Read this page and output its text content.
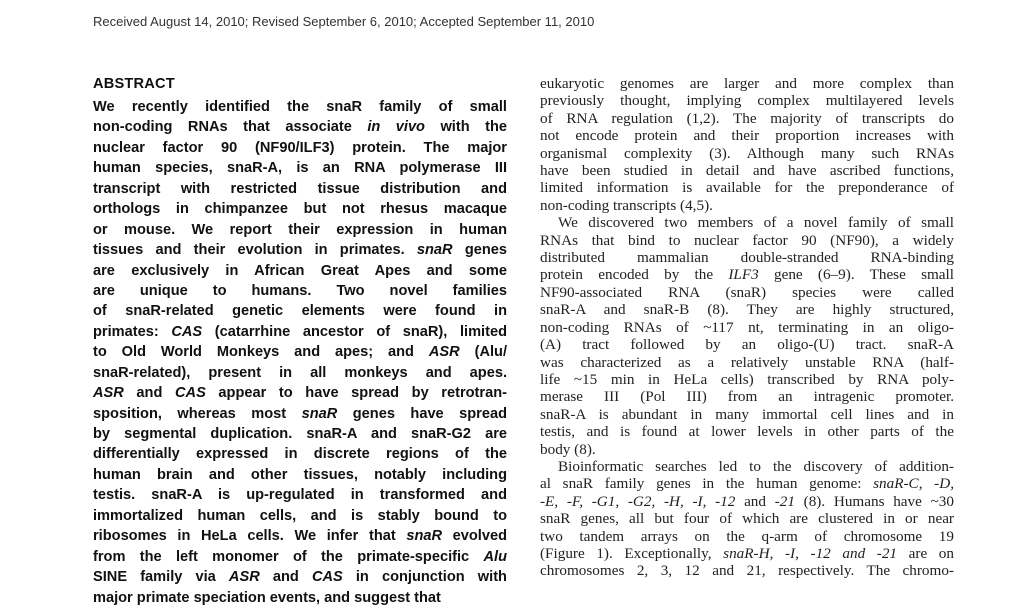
Received August 14, 2010; Revised September 6, 2010; Accepted September 11, 2010
ABSTRACT
We recently identified the snaR family of small
non-coding RNAs that associate in vivo with the
nuclear factor 90 (NF90/ILF3) protein. The major
human species, snaR-A, is an RNA polymerase III
transcript with restricted tissue distribution and
orthologs in chimpanzee but not rhesus macaque
or mouse. We report their expression in human
tissues and their evolution in primates. snaR genes
are exclusively in African Great Apes and some
are unique to humans. Two novel families
of snaR-related genetic elements were found in
primates: CAS (catarrhine ancestor of snaR), limited
to Old World Monkeys and apes; and ASR (Alu/
snaR-related), present in all monkeys and apes.
ASR and CAS appear to have spread by retrotran-
sposition, whereas most snaR genes have spread
by segmental duplication. snaR-A and snaR-G2 are
differentially expressed in discrete regions of the
human brain and other tissues, notably including
testis. snaR-A is up-regulated in transformed and
immortalized human cells, and is stably bound to
ribosomes in HeLa cells. We infer that snaR evolved
from the left monomer of the primate-specific Alu
SINE family via ASR and CAS in conjunction with
major primate speciation events, and suggest that
eukaryotic genomes are larger and more complex than
previously thought, implying complex multilayered levels
of RNA regulation (1,2). The majority of transcripts do
not encode protein and their proportion increases with
organismal complexity (3). Although many such RNAs
have been studied in detail and have ascribed functions,
limited information is available for the preponderance of
non-coding transcripts (4,5).
We discovered two members of a novel family of small
RNAs that bind to nuclear factor 90 (NF90), a widely
distributed mammalian double-stranded RNA-binding
protein encoded by the ILF3 gene (6–9). These small
NF90-associated RNA (snaR) species were called
snaR-A and snaR-B (8). They are highly structured,
non-coding RNAs of ~117 nt, terminating in an oligo-
(A) tract followed by an oligo-(U) tract. snaR-A
was characterized as a relatively unstable RNA (half-
life ~15 min in HeLa cells) transcribed by RNA poly-
merase III (Pol III) from an intragenic promoter.
snaR-A is abundant in many immortal cell lines and in
testis, and is found at lower levels in other parts of the
body (8).
Bioinformatic searches led to the discovery of addition-
al snaR family genes in the human genome: snaR-C, -D,
-E, -F, -G1, -G2, -H, -I, -12 and -21 (8). Humans have ~30
snaR genes, all but four of which are clustered in or near
two tandem arrays on the q-arm of chromosome 19
(Figure 1). Exceptionally, snaR-H, -I, -12 and -21 are on
chromosomes 2, 3, 12 and 21, respectively. The chromo-
